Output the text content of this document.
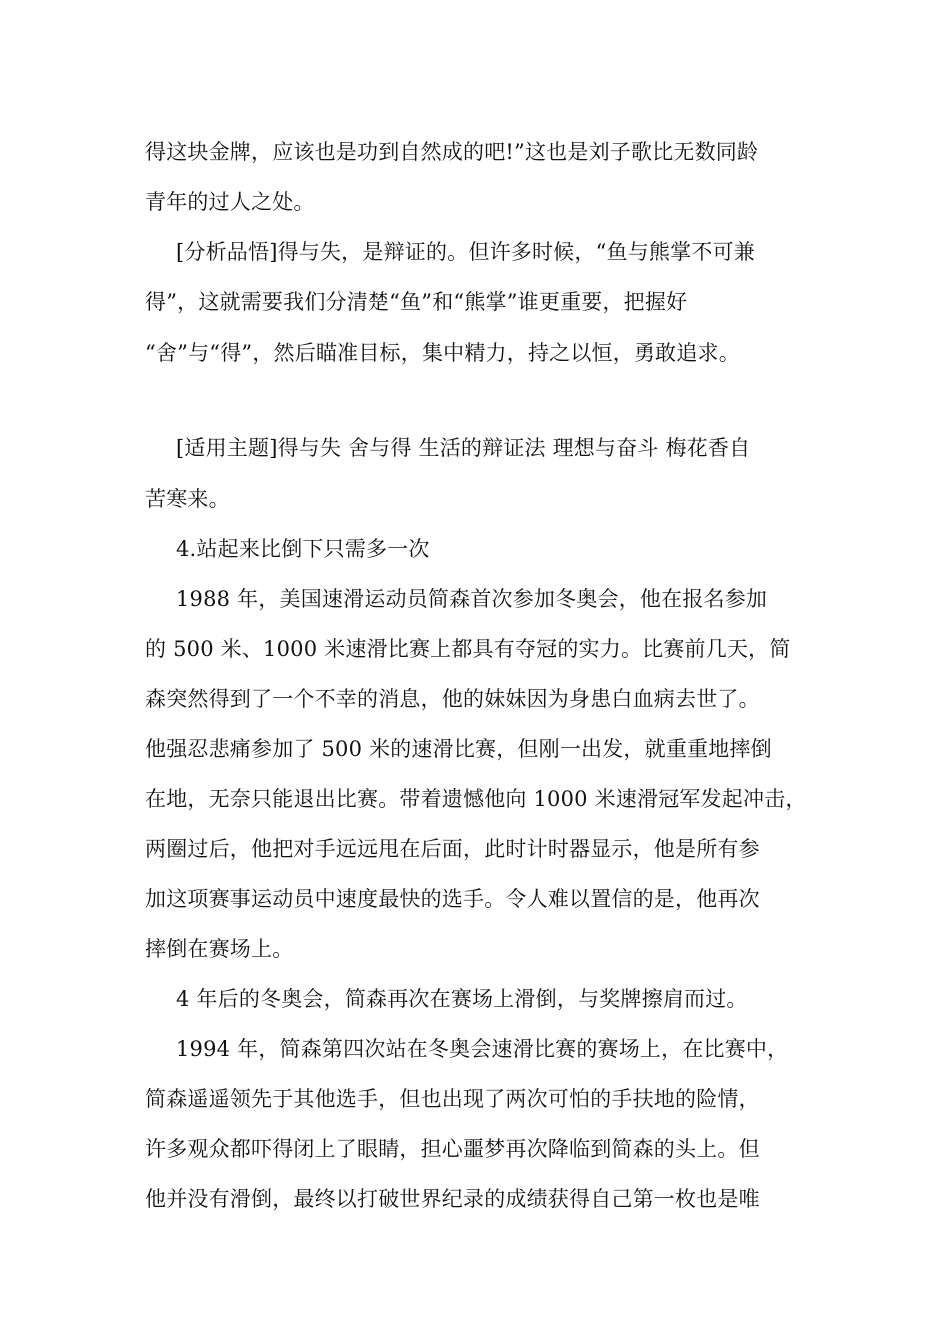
得这块金牌，应该也是功到自然成的吧!”这也是刘子歌比无数同龄
青年的过人之处。
[分析品悟]得与失，是辩证的。但许多时候，“鱼与熊掌不可兼
得”，这就需要我们分清楚“鱼”和“熊掌”谁更重要，把握好
“舍”与“得”，然后瞄准目标，集中精力，持之以恒，勇敢追求。
[适用主题]得与失 舍与得 生活的辩证法 理想与奋斗 梅花香自
苦寒来。
4.站起来比倒下只需多一次
1988 年，美国速滑运动员简森首次参加冬奥会，他在报名参加
的 500 米、1000 米速滑比赛上都具有夺冠的实力。比赛前几天，简
森突然得到了一个不幸的消息，他的妹妹因为身患白血病去世了。
他强忍悲痛参加了 500 米的速滑比赛，但刚一出发，就重重地摔倒
在地，无奈只能退出比赛。带着遗憾他向 1000 米速滑冠军发起冲击，
两圈过后，他把对手远远甩在后面，此时计时器显示，他是所有参
加这项赛事运动员中速度最快的选手。令人难以置信的是，他再次
摔倒在赛场上。
4 年后的冬奥会，简森再次在赛场上滑倒，与奖牌擦肩而过。
1994 年，简森第四次站在冬奥会速滑比赛的赛场上，在比赛中，
简森遥遥领先于其他选手，但也出现了两次可怕的手扶地的险情，
许多观众都吓得闭上了眼睛，担心噩梦再次降临到简森的头上。但
他并没有滑倒，最终以打破世界纪录的成绩获得自己第一枚也是唯
